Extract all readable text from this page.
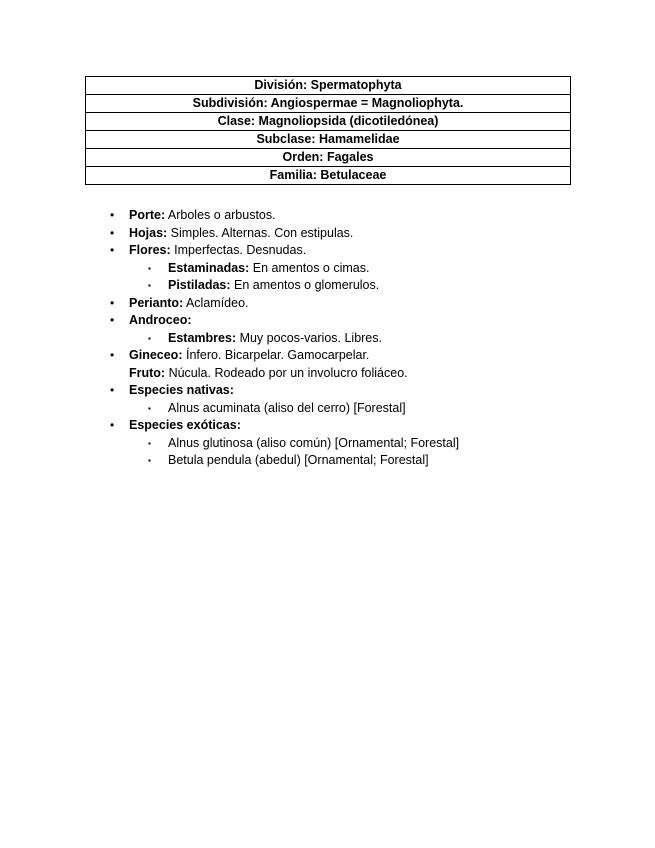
División: Spermatophyta
Subdivisión: Angiospermae = Magnoliophyta.
Clase: Magnoliopsida (dicotiledónea)
Subclase: Hamamelidae
Orden: Fagales
Familia: Betulaceae
• Porte: Arboles o arbustos.
• Hojas: Simples. Alternas. Con estipulas.
• Flores: Imperfectas. Desnudas.
▪ Estaminadas: En amentos o cimas.
▪ Pistiladas: En amentos o glomerulos.
• Perianto: Aclamídeo.
• Androceo:
▪ Estambres: Muy pocos-varios. Libres.
• Gineceo: Ínfero. Bicarpelar. Gamocarpelar.
Fruto: Núcula. Rodeado por un involucro foliáceo.
• Especies nativas:
▪ Alnus acuminata (aliso del cerro) [Forestal]
• Especies exóticas:
▪ Alnus glutinosa (aliso común) [Ornamental; Forestal]
▪ Betula pendula (abedul) [Ornamental; Forestal]
